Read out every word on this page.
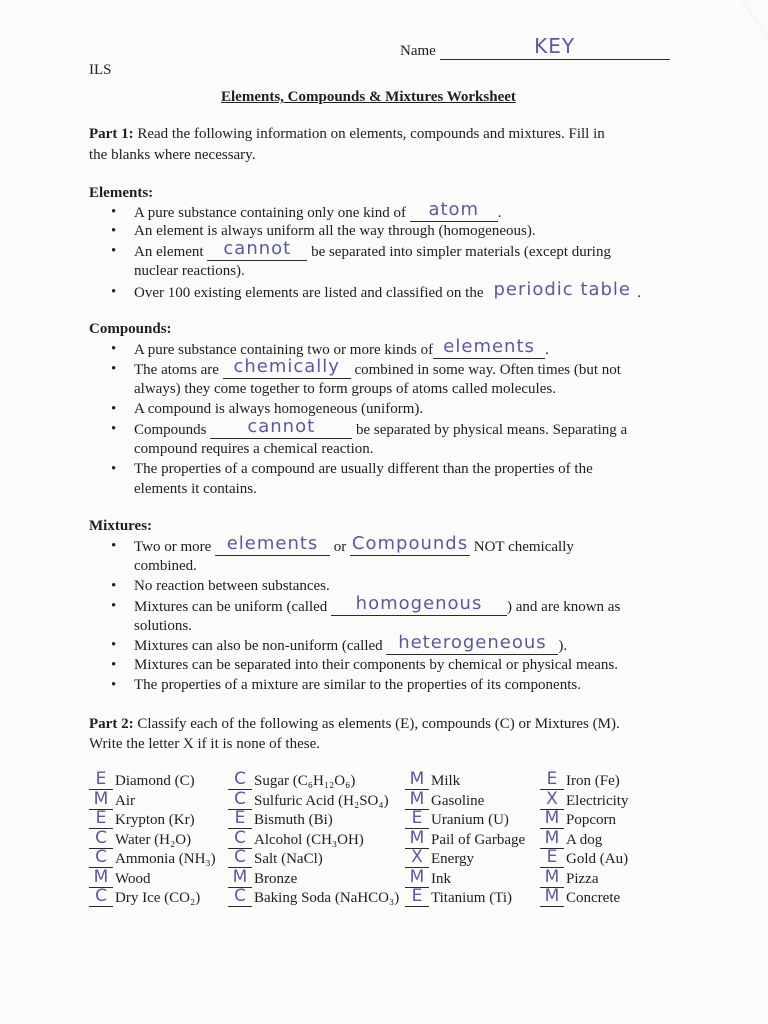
Name	KEY
ILS
Elements, Compounds & Mixtures Worksheet
Part 1: Read the following information on elements, compounds and mixtures. Fill in
the blanks where necessary.
Elements:
• A pure substance containing only one kind of atom .
• An element is always uniform all the way through (homogeneous).
• An element cannot be separated into simpler materials (except during
nuclear reactions).
• Over 100 existing elements are listed and classified on the periodic table .
Compounds:
• A pure substance containing two or more kinds of elements .
• The atoms are chemically combined in some way. Often times (but not
always) they come together to form groups of atoms called molecules.
• A compound is always homogeneous (uniform).
• Compounds cannot	be separated by physical means. Separating a
compound requires a chemical reaction.
• The properties of a compound are usually different than the properties of the
elements it contains.
Mixtures:
• Two or more elements or Compounds NOT chemically
combined.
• No reaction between substances.
• Mixtures can be uniform (called homogenous ) and are known as
solutions.
• Mixtures can also be non-uniform (called heterogeneous ).
• Mixtures can be separated into their components by chemical or physical means.
• The properties of a mixture are similar to the properties of its components.
Part 2: Classify each of the following as elements (E), compounds (C) or Mixtures (M).
Write the letter X if it is none of these.
E Diamond (C)
M Air
E Krypton (Kr)
C Water (H₂O)
C Ammonia (NH₃)
M Wood
C Dry Ice (CO₂)
C Sugar (C₆H₁₂O₆)
C Sulfuric Acid (H₂SO₄)
E Bismuth (Bi)
C Alcohol (CH₃OH)
C Salt (NaCl)
M Bronze
C Baking Soda (NaHCO₃)
M Milk
M Gasoline
E Uranium (U)
M Pail of Garbage
X Energy
M Ink
E Titanium (Ti)
E Iron (Fe)
X Electricity
M Popcorn
M A dog
E Gold (Au)
M Pizza
M Concrete
